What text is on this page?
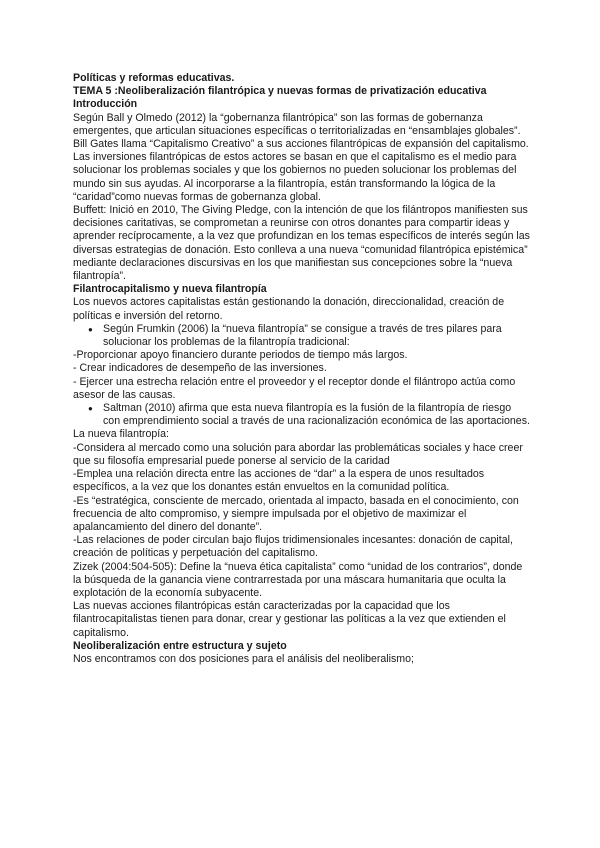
Políticas y reformas educativas.

TEMA 5 :Neoliberalización filantrópica y nuevas formas de privatización educativa

Introducción

Según Ball y Olmedo (2012) la “gobernanza filantrópica” son las formas de gobernanza emergentes, que articulan situaciones específicas o territorializadas en “ensamblajes globales”.

Bill Gates llama “Capitalismo Creativo” a sus acciones filantrópicas de expansión del capitalismo.

Las inversiones filantrópicas de estos actores se basan en que el capitalismo es el medio para solucionar los problemas sociales y que los gobiernos no pueden solucionar los problemas del mundo sin sus ayudas. Al incorporarse a la filantropía, están transformando la lógica de la “caridad”como nuevas formas de gobernanza global.

Buffett: Inició en 2010, The Giving Pledge, con la intención de que los filántropos manifiesten sus decisiones caritativas, se comprometan a reunirse con otros donantes para compartir ideas y aprender recíprocamente, a la vez que profundizan en los temas específicos de interés según las diversas estrategias de donación. Esto conlleva a una nueva “comunidad filantrópica epistémica” mediante declaraciones discursivas en los que manifiestan sus concepciones sobre la “nueva filantropía”.

Filantrocapitalismo y nueva filantropía

Los nuevos actores capitalistas están gestionando la donación, direccionalidad, creación de políticas e inversión del retorno.

● Según Frumkin (2006) la “nueva filantropía” se consigue a través de tres pilares para solucionar los problemas de la filantropía tradicional:

-Proporcionar apoyo financiero durante periodos de tiempo más largos.

- Crear indicadores de desempeño de las inversiones.

- Ejercer una estrecha relación entre el proveedor y el receptor donde el filántropo actúa como asesor de las causas.

● Saltman (2010) afirma que esta nueva filantropía es la fusión de la filantropía de riesgo con emprendimiento social a través de una racionalización económica de las aportaciones.

La nueva filantropía:

-Considera al mercado como una solución para abordar las problemáticas sociales y hace creer que su filosofía empresarial puede ponerse al servicio de la caridad

-Emplea una relación directa entre las acciones de “dar” a la espera de unos resultados específicos, a la vez que los donantes están envueltos en la comunidad política.

-Es “estratégica, consciente de mercado, orientada al impacto, basada en el conocimiento, con frecuencia de alto compromiso, y siempre impulsada por el objetivo de maximizar el apalancamiento del dinero del donante”.

-Las relaciones de poder circulan bajo flujos tridimensionales incesantes: donación de capital, creación de políticas y perpetuación del capitalismo.

Zizek (2004:504-505): Define la “nueva ética capitalista” como “unidad de los contrarios”, donde la búsqueda de la ganancia viene contrarrestada por una máscara humanitaria que oculta la explotación de la economía subyacente.

Las nuevas acciones filantrópicas están caracterizadas por la capacidad que los filantrocapitalistas tienen para donar, crear y gestionar las políticas a la vez que extienden el capitalismo.

Neoliberalización entre estructura y sujeto

Nos encontramos con dos posiciones para el análisis del neoliberalismo;
